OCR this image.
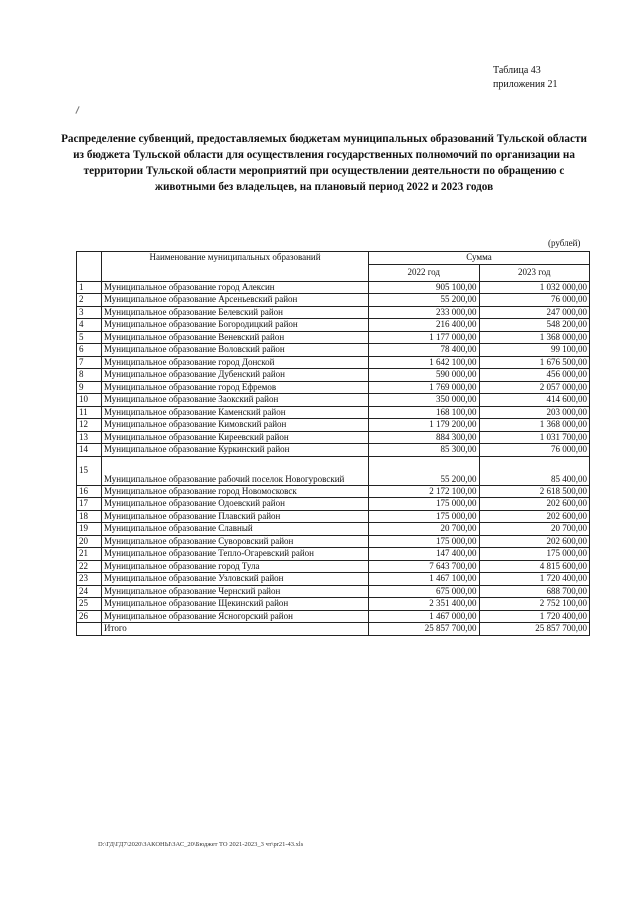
Таблица 43
приложения 21
Распределение субвенций, предоставляемых бюджетам муниципальных образований Тульской области из бюджета Тульской области для осуществления государственных полномочий по организации на территории Тульской области мероприятий при осуществлении деятельности по обращению с животными без владельцев, на плановый период 2022 и 2023 годов
(рублей)
	Наименование муниципальных образований	Сумма	
		2022 год	2023 год
1	Муниципальное образование город Алексин	905 100,00	1 032 000,00
2	Муниципальное образование Арсеньевский район	55 200,00	76 000,00
3	Муниципальное образование Белевский район	233 000,00	247 000,00
4	Муниципальное образование Богородицкий район	216 400,00	548 200,00
5	Муниципальное образование Веневский район	1 177 000,00	1 368 000,00
6	Муниципальное образование Воловский район	78 400,00	99 100,00
7	Муниципальное образование город Донской	1 642 100,00	1 676 500,00
8	Муниципальное образование Дубенский район	590 000,00	456 000,00
9	Муниципальное образование город Ефремов	1 769 000,00	2 057 000,00
10	Муниципальное образование Заокский район	350 000,00	414 600,00
11	Муниципальное образование Каменский район	168 100,00	203 000,00
12	Муниципальное образование Кимовский район	1 179 200,00	1 368 000,00
13	Муниципальное образование Киреевский район	884 300,00	1 031 700,00
14	Муниципальное образование Куркинский район	85 300,00	76 000,00
15	Муниципальное образование рабочий поселок Новогуровский	55 200,00	85 400,00
16	Муниципальное образование город Новомосковск	2 172 100,00	2 618 500,00
17	Муниципальное образование Одоевский район	175 000,00	202 600,00
18	Муниципальное образование Плавский район	175 000,00	202 600,00
19	Муниципальное образование Славный	20 700,00	20 700,00
20	Муниципальное образование Суворовский район	175 000,00	202 600,00
21	Муниципальное образование Тепло-Огаревский район	147 400,00	175 000,00
22	Муниципальное образование город Тула	7 643 700,00	4 815 600,00
23	Муниципальное образование Узловский район	1 467 100,00	1 720 400,00
24	Муниципальное образование Чернский район	675 000,00	688 700,00
25	Муниципальное образование Щекинский район	2 351 400,00	2 752 100,00
26	Муниципальное образование Ясногорский район	1 467 000,00	1 720 400,00
	Итого	25 857 700,00	25 857 700,00
D:\ГД\ГД7\2020\ЗАКОНЫ\ЗАС_20\Бюджет ТО 2021-2023_3 чт\pr21-43.xls
